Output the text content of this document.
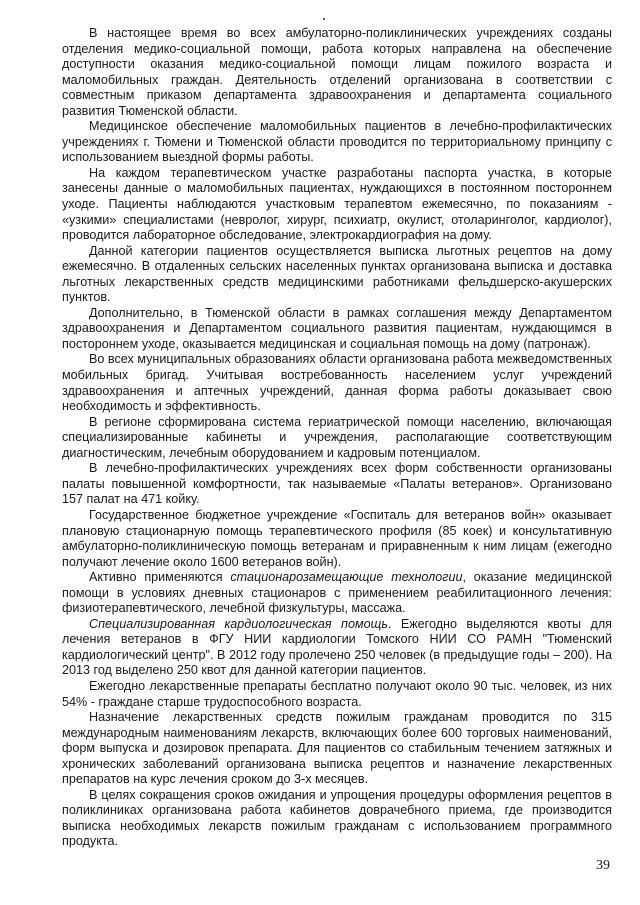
В настоящее время во всех амбулаторно-поликлинических учреждениях созданы отделения медико-социальной помощи, работа которых направлена на обеспечение доступности оказания медико-социальной помощи лицам пожилого возраста и маломобильных граждан. Деятельность отделений организована в соответствии с совместным приказом департамента здравоохранения и департамента социального развития Тюменской области.

Медицинское обеспечение маломобильных пациентов в лечебно-профилактических учреждениях г. Тюмени и Тюменской области проводится по территориальному принципу с использованием выездной формы работы.

На каждом терапевтическом участке разработаны паспорта участка, в которые занесены данные о маломобильных пациентах, нуждающихся в постоянном постороннем уходе. Пациенты наблюдаются участковым терапевтом ежемесячно, по показаниям - «узкими» специалистами (невролог, хирург, психиатр, окулист, отоларинголог, кардиолог), проводится лабораторное обследование, электрокардиография на дому.

Данной категории пациентов осуществляется выписка льготных рецептов на дому ежемесячно. В отдаленных сельских населенных пунктах организована выписка и доставка льготных лекарственных средств медицинскими работниками фельдшерско-акушерских пунктов.

Дополнительно, в Тюменской области в рамках соглашения между Департаментом здравоохранения и Департаментом социального развития пациентам, нуждающимся в постороннем уходе, оказывается медицинская и социальная помощь на дому (патронаж).

Во всех муниципальных образованиях области организована работа межведомственных мобильных бригад. Учитывая востребованность населением услуг учреждений здравоохранения и аптечных учреждений, данная форма работы доказывает свою необходимость и эффективность.

В регионе сформирована система гериатрической помощи населению, включающая специализированные кабинеты и учреждения, располагающие соответствующим диагностическим, лечебным оборудованием и кадровым потенциалом.

В лечебно-профилактических учреждениях всех форм собственности организованы палаты повышенной комфортности, так называемые «Палаты ветеранов». Организовано 157 палат на 471 койку.

Государственное бюджетное учреждение «Госпиталь для ветеранов войн» оказывает плановую стационарную помощь терапевтического профиля (85 коек) и консультативную амбулаторно-поликлиническую помощь ветеранам и приравненным к ним лицам (ежегодно получают лечение около 1600 ветеранов войн).

Активно применяются стационарозамещающие технологии, оказание медицинской помощи в условиях дневных стационаров с применением реабилитационного лечения: физиотерапевтического, лечебной физкультуры, массажа.

Специализированная кардиологическая помощь. Ежегодно выделяются квоты для лечения ветеранов в ФГУ НИИ кардиологии Томского НИИ СО РАМН "Тюменский кардиологический центр". В 2012 году пролечено 250 человек (в предыдущие годы – 200). На 2013 год выделено 250 квот для данной категории пациентов.

Ежегодно лекарственные препараты бесплатно получают около 90 тыс. человек, из них 54% - граждане старше трудоспособного возраста.

Назначение лекарственных средств пожилым гражданам проводится по 315 международным наименованиям лекарств, включающих более 600 торговых наименований, форм выпуска и дозировок препарата. Для пациентов со стабильным течением затяжных и хронических заболеваний организована выписка рецептов и назначение лекарственных препаратов на курс лечения сроком до 3-х месяцев.

В целях сокращения сроков ожидания и упрощения процедуры оформления рецептов в поликлиниках организована работа кабинетов доврачебного приема, где производится выписка необходимых лекарств пожилым гражданам с использованием программного продукта.

39
